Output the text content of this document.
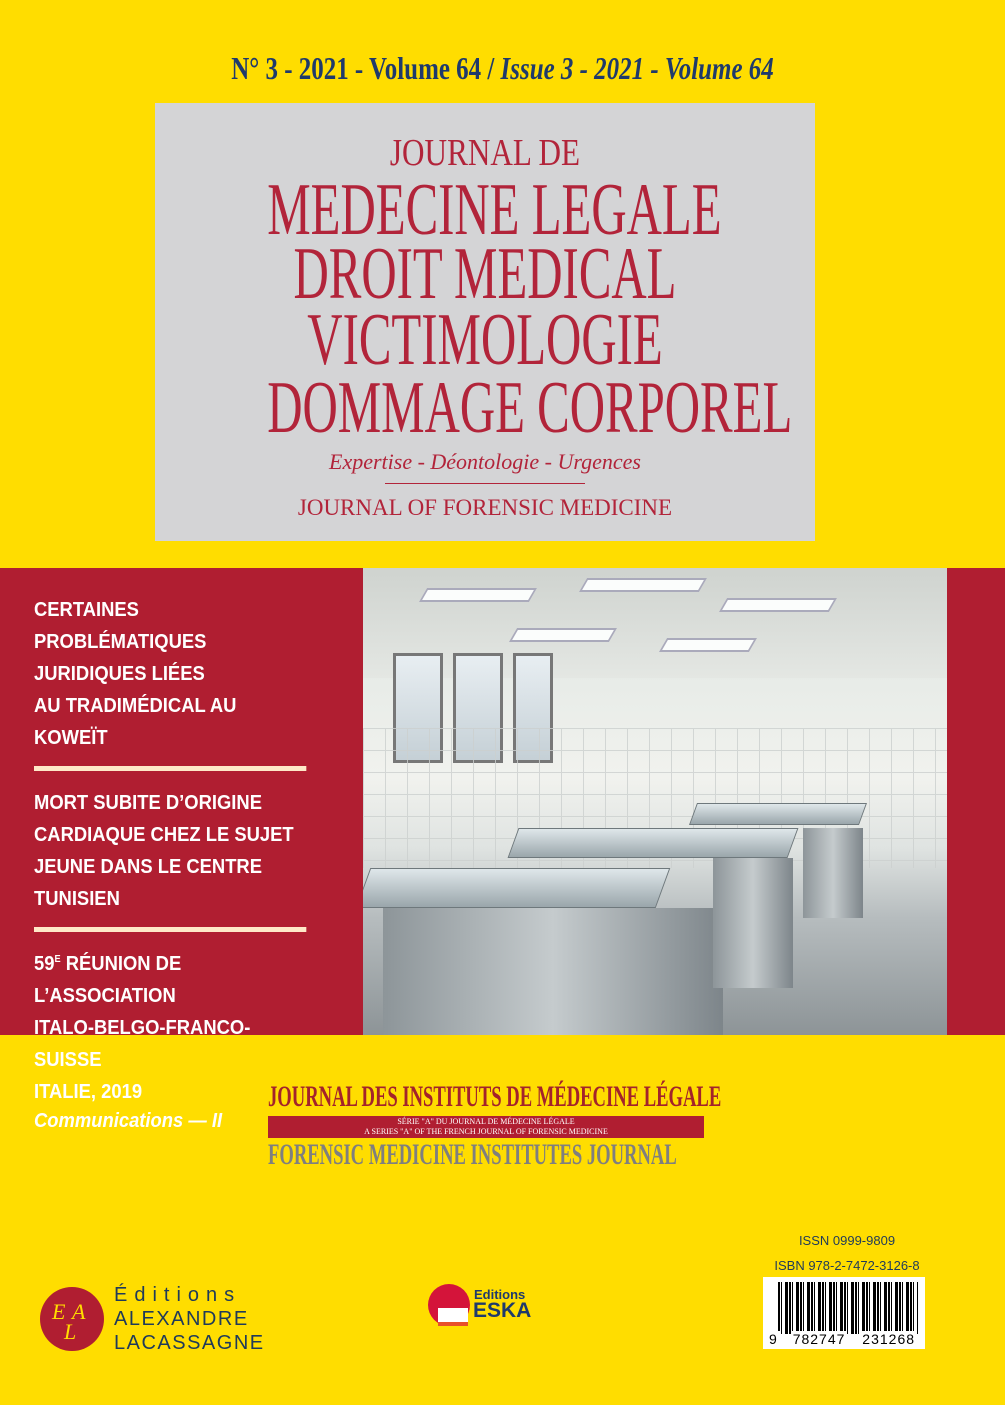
N° 3 - 2021 - Volume 64 / Issue 3 - 2021 - Volume 64
JOURNAL DE
MEDECINE LEGALE
DROIT MEDICAL
VICTIMOLOGIE
DOMMAGE CORPOREL
Expertise - Déontologie - Urgences
JOURNAL OF FORENSIC MEDICINE
CERTAINES PROBLÉMATIQUES
JURIDIQUES LIÉES
AU TRADIMÉDICAL AU KOWEÏT
MORT SUBITE D’ORIGINE
CARDIAQUE CHEZ LE SUJET
JEUNE DANS LE CENTRE
TUNISIEN
$59^E$ RÉUNION DE L’ASSOCIATION
ITALO-BELGO-FRANCO-SUISSE
ITALIE, 2019
Communications — II
JOURNAL DES INSTITUTS DE MÉDECINE LÉGALE
SÉRIE "A" DU JOURNAL DE MÉDECINE LÉGALE
A SERIES "A" OF THE FRENCH JOURNAL OF FORENSIC MEDICINE
FORENSIC MEDICINE INSTITUTES JOURNAL
E A
L
Éditions
ALEXANDRE
LACASSAGNE
Editions
ESKA
ISSN 0999-9809
ISBN 978-2-7472-3126-8
9 782747 231268
